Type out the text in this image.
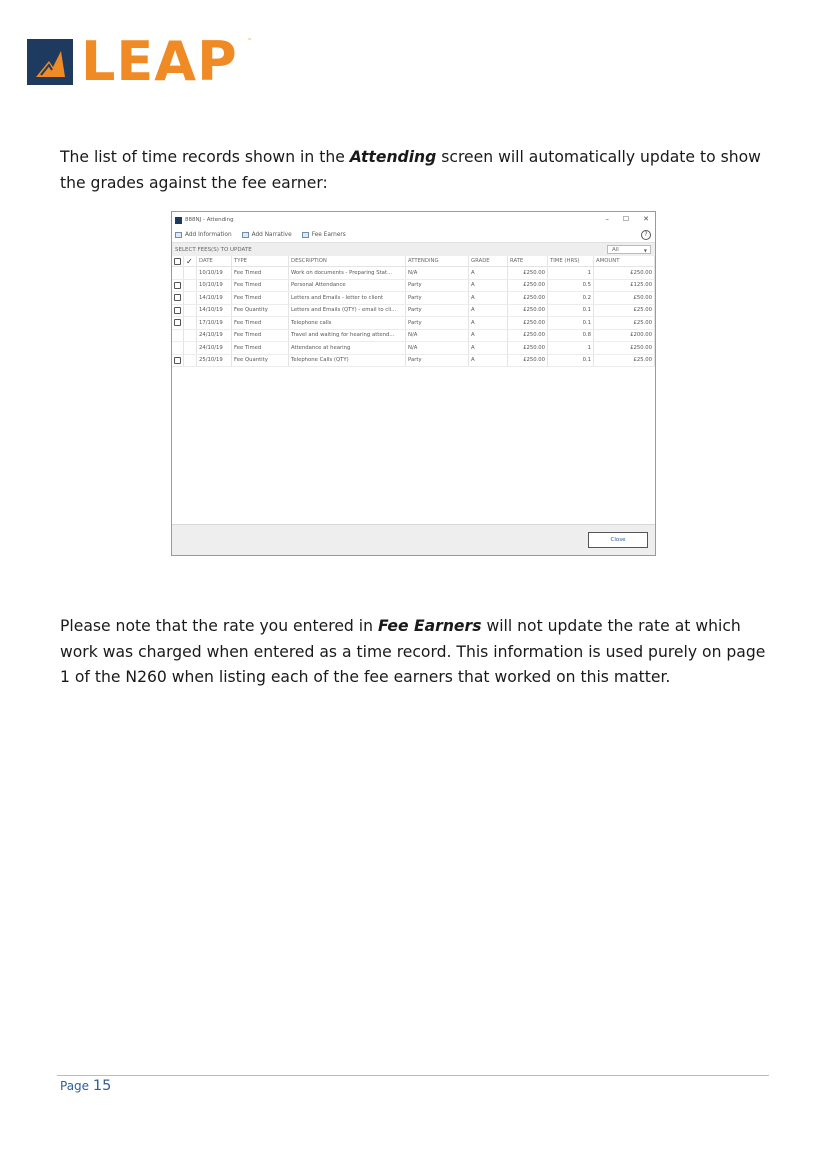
LEAP ™
The list of time records shown in the Attending screen will automatically update to show the grades against the fee earner:
888NJ - Attending	– ☐ ✕
Add Information	Add Narrative	Fee Earners	?
SELECT FEES(S) TO UPDATE	All	▼
	✓	DATE	TYPE	DESCRIPTION	ATTENDING	GRADE	RATE	TIME (HRS)	AMOUNT
		10/10/19	Fee Timed	Work on documents - Preparing Stat...	N/A	A	£250.00	1	£250.00
		10/10/19	Fee Timed	Personal Attendance	Party	A	£250.00	0.5	£125.00
		14/10/19	Fee Timed	Letters and Emails - letter to client	Party	A	£250.00	0.2	£50.00
		14/10/19	Fee Quantity	Letters and Emails (QTY) - email to cli...	Party	A	£250.00	0.1	£25.00
		17/10/19	Fee Timed	Telephone calls	Party	A	£250.00	0.1	£25.00
		24/10/19	Fee Timed	Travel and waiting for hearing attend...	N/A	A	£250.00	0.8	£200.00
		24/10/19	Fee Timed	Attendance at hearing	N/A	A	£250.00	1	£250.00
		25/10/19	Fee Quantity	Telephone Calls (QTY)	Party	A	£250.00	0.1	£25.00
Close
Please note that the rate you entered in Fee Earners will not update the rate at which work was charged when entered as a time record. This information is used purely on page 1 of the N260 when listing each of the fee earners that worked on this matter.
Page 15
